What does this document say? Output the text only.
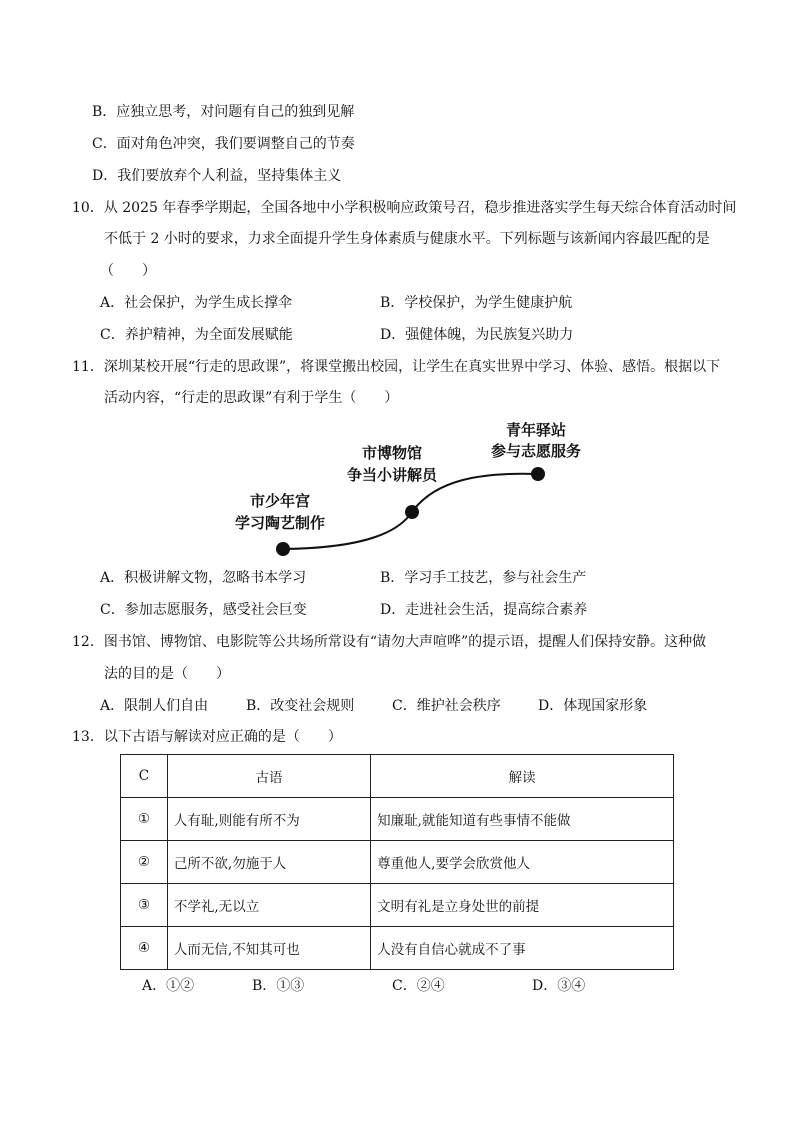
B．应独立思考，对问题有自己的独到见解
C．面对角色冲突，我们要调整自己的节奏
D．我们要放弃个人利益，坚持集体主义
10．从 2025 年春季学期起，全国各地中小学积极响应政策号召，稳步推进落实学生每天综合体育活动时间
不低于 2 小时的要求，力求全面提升学生身体素质与健康水平。下列标题与该新闻内容最匹配的是
（　　）
A．社会保护，为学生成长撑伞	B．学校保护，为学生健康护航
C．养护精神，为全面发展赋能	D．强健体魄，为民族复兴助力
11．深圳某校开展“行走的思政课”，将课堂搬出校园，让学生在真实世界中学习、体验、感悟。根据以下
活动内容，“行走的思政课”有利于学生（　　）
市少年宫
学习陶艺制作
市博物馆
争当小讲解员
青年驿站
参与志愿服务
A．积极讲解文物，忽略书本学习	B．学习手工技艺，参与社会生产
C．参加志愿服务，感受社会巨变	D．走进社会生活，提高综合素养
12．图书馆、博物馆、电影院等公共场所常设有“请勿大声喧哗”的提示语，提醒人们保持安静。这种做
法的目的是（　　）
A．限制人们自由	B．改变社会规则	C．维护社会秩序	D．体现国家形象
13．以下古语与解读对应正确的是（　　）
C	古语	解读
①	人有耻,则能有所不为	知廉耻,就能知道有些事情不能做
②	己所不欲,勿施于人	尊重他人,要学会欣赏他人
③	不学礼,无以立	文明有礼是立身处世的前提
④	人而无信,不知其可也	人没有自信心就成不了事
A．①②	B．①③	C．②④	D．③④
